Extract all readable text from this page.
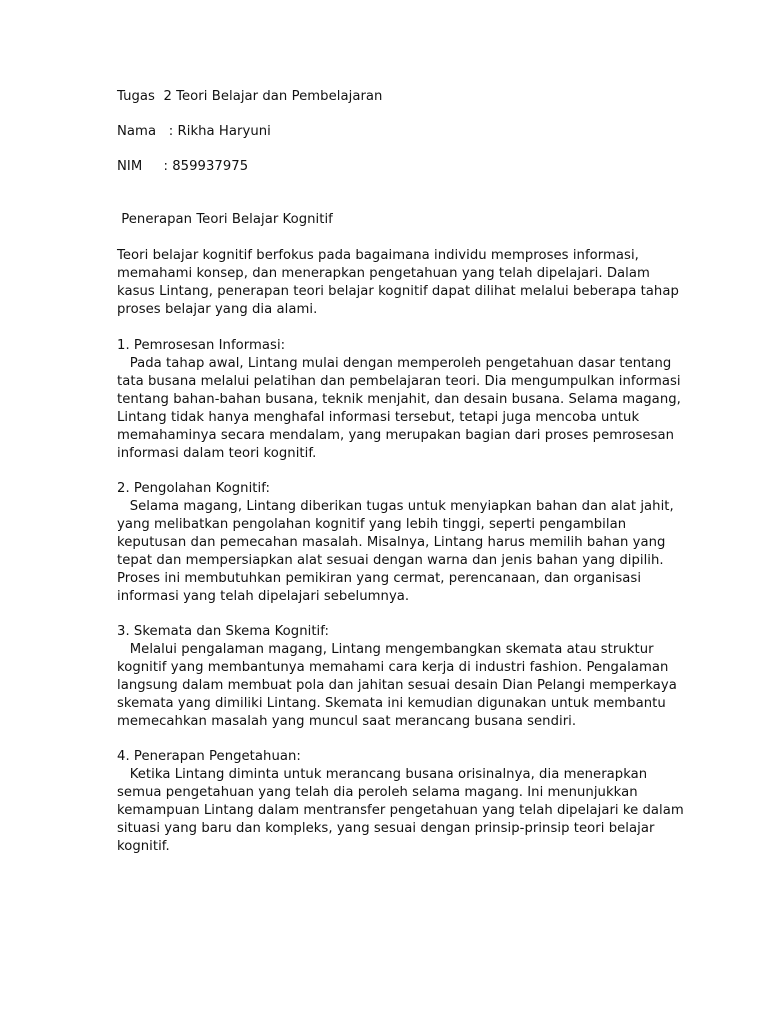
Tugas  2 Teori Belajar dan Pembelajaran
Nama   : Rikha Haryuni
NIM     : 859937975
Penerapan Teori Belajar Kognitif
Teori belajar kognitif berfokus pada bagaimana individu memproses informasi,
memahami konsep, dan menerapkan pengetahuan yang telah dipelajari. Dalam
kasus Lintang, penerapan teori belajar kognitif dapat dilihat melalui beberapa tahap
proses belajar yang dia alami.
1. Pemrosesan Informasi:
Pada tahap awal, Lintang mulai dengan memperoleh pengetahuan dasar tentang
tata busana melalui pelatihan dan pembelajaran teori. Dia mengumpulkan informasi
tentang bahan-bahan busana, teknik menjahit, dan desain busana. Selama magang,
Lintang tidak hanya menghafal informasi tersebut, tetapi juga mencoba untuk
memahaminya secara mendalam, yang merupakan bagian dari proses pemrosesan
informasi dalam teori kognitif.
2. Pengolahan Kognitif:
Selama magang, Lintang diberikan tugas untuk menyiapkan bahan dan alat jahit,
yang melibatkan pengolahan kognitif yang lebih tinggi, seperti pengambilan
keputusan dan pemecahan masalah. Misalnya, Lintang harus memilih bahan yang
tepat dan mempersiapkan alat sesuai dengan warna dan jenis bahan yang dipilih.
Proses ini membutuhkan pemikiran yang cermat, perencanaan, dan organisasi
informasi yang telah dipelajari sebelumnya.
3. Skemata dan Skema Kognitif:
Melalui pengalaman magang, Lintang mengembangkan skemata atau struktur
kognitif yang membantunya memahami cara kerja di industri fashion. Pengalaman
langsung dalam membuat pola dan jahitan sesuai desain Dian Pelangi memperkaya
skemata yang dimiliki Lintang. Skemata ini kemudian digunakan untuk membantu
memecahkan masalah yang muncul saat merancang busana sendiri.
4. Penerapan Pengetahuan:
Ketika Lintang diminta untuk merancang busana orisinalnya, dia menerapkan
semua pengetahuan yang telah dia peroleh selama magang. Ini menunjukkan
kemampuan Lintang dalam mentransfer pengetahuan yang telah dipelajari ke dalam
situasi yang baru dan kompleks, yang sesuai dengan prinsip-prinsip teori belajar
kognitif.
